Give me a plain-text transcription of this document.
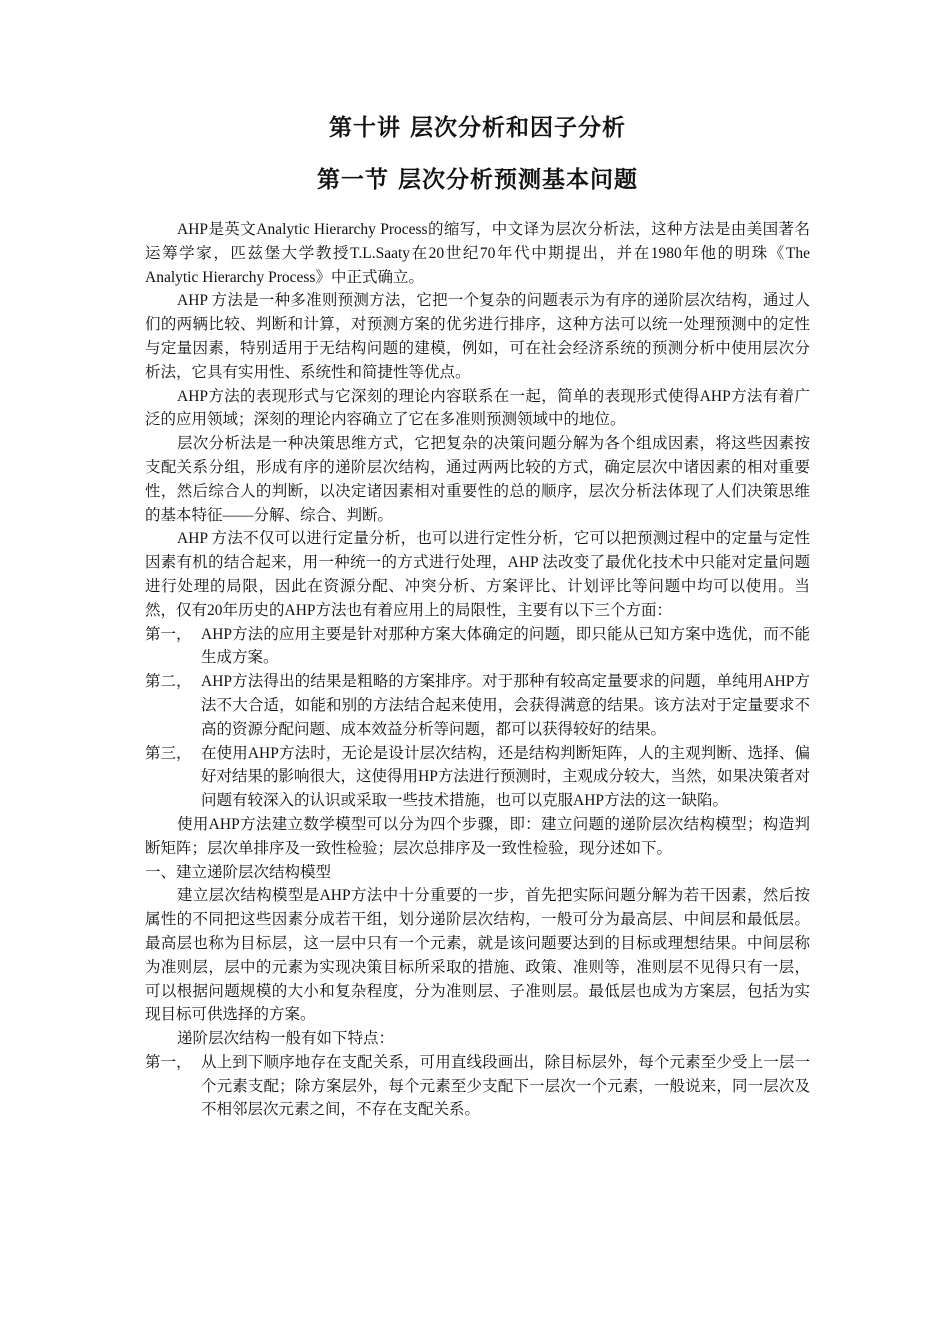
第十讲 层次分析和因子分析
第一节 层次分析预测基本问题

AHP是英文Analytic Hierarchy Process的缩写，中文译为层次分析法，这种方法是由美国著名运筹学家，匹兹堡大学教授T.L.Saaty在20世纪70年代中期提出，并在1980年他的明珠《The Analytic Hierarchy Process》中正式确立。

AHP 方法是一种多准则预测方法，它把一个复杂的问题表示为有序的递阶层次结构，通过人们的两辆比较、判断和计算，对预测方案的优劣进行排序，这种方法可以统一处理预测中的定性与定量因素，特别适用于无结构问题的建模，例如，可在社会经济系统的预测分析中使用层次分析法，它具有实用性、系统性和简捷性等优点。

AHP方法的表现形式与它深刻的理论内容联系在一起，简单的表现形式使得AHP方法有着广泛的应用领域；深刻的理论内容确立了它在多准则预测领域中的地位。

层次分析法是一种决策思维方式，它把复杂的决策问题分解为各个组成因素，将这些因素按支配关系分组，形成有序的递阶层次结构，通过两两比较的方式，确定层次中诸因素的相对重要性，然后综合人的判断，以决定诸因素相对重要性的总的顺序，层次分析法体现了人们决策思维的基本特征——分解、综合、判断。

AHP 方法不仅可以进行定量分析，也可以进行定性分析，它可以把预测过程中的定量与定性因素有机的结合起来，用一种统一的方式进行处理，AHP 法改变了最优化技术中只能对定量问题进行处理的局限，因此在资源分配、冲突分析、方案评比、计划评比等问题中均可以使用。当然，仅有20年历史的AHP方法也有着应用上的局限性，主要有以下三个方面：

第一， AHP方法的应用主要是针对那种方案大体确定的问题，即只能从已知方案中选优，而不能生成方案。
第二， AHP方法得出的结果是粗略的方案排序。对于那种有较高定量要求的问题，单纯用AHP方法不大合适，如能和别的方法结合起来使用，会获得满意的结果。该方法对于定量要求不高的资源分配问题、成本效益分析等问题，都可以获得较好的结果。
第三， 在使用AHP方法时，无论是设计层次结构，还是结构判断矩阵，人的主观判断、选择、偏好对结果的影响很大，这使得用HP方法进行预测时，主观成分较大，当然，如果决策者对问题有较深入的认识或采取一些技术措施，也可以克服AHP方法的这一缺陷。

使用AHP方法建立数学模型可以分为四个步骤，即：建立问题的递阶层次结构模型；构造判断矩阵；层次单排序及一致性检验；层次总排序及一致性检验，现分述如下。

一、建立递阶层次结构模型

建立层次结构模型是AHP方法中十分重要的一步，首先把实际问题分解为若干因素，然后按属性的不同把这些因素分成若干组，划分递阶层次结构，一般可分为最高层、中间层和最低层。最高层也称为目标层，这一层中只有一个元素，就是该问题要达到的目标或理想结果。中间层称为准则层，层中的元素为实现决策目标所采取的措施、政策、准则等，准则层不见得只有一层，可以根据问题规模的大小和复杂程度，分为准则层、子准则层。最低层也成为方案层，包括为实现目标可供选择的方案。

递阶层次结构一般有如下特点：

第一， 从上到下顺序地存在支配关系，可用直线段画出，除目标层外，每个元素至少受上一层一个元素支配；除方案层外，每个元素至少支配下一层次一个元素，一般说来，同一层次及不相邻层次元素之间，不存在支配关系。
